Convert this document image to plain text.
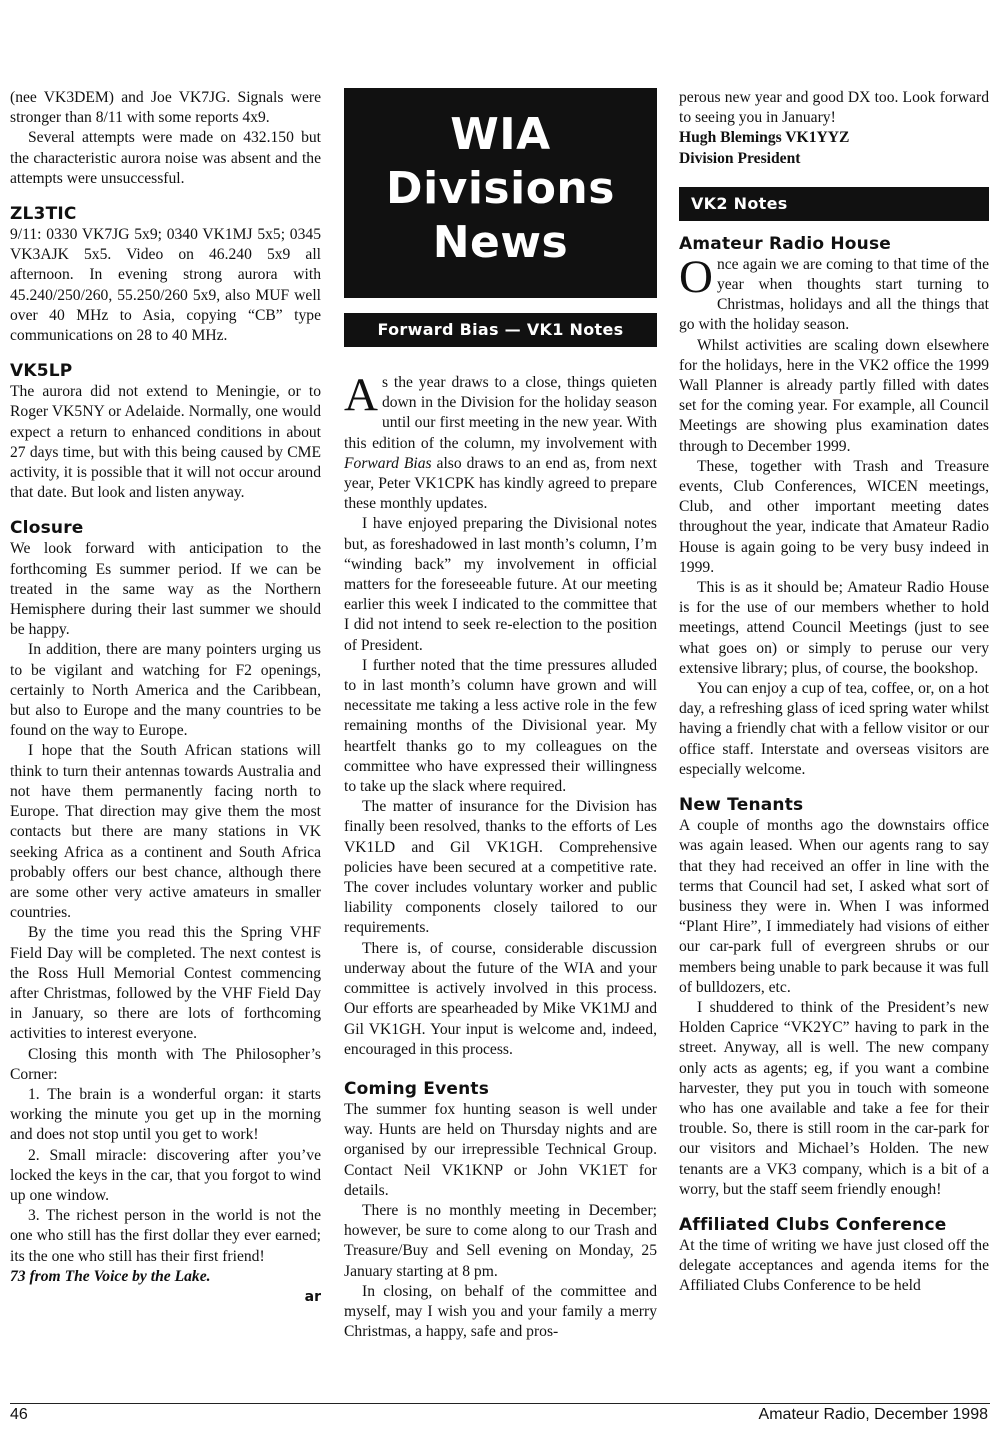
(nee VK3DEM) and Joe VK7JG. Signals were stronger than 8/11 with some reports 4x9.

Several attempts were made on 432.150 but the characteristic aurora noise was absent and the attempts were unsuccessful.

ZL3TIC

9/11: 0330 VK7JG 5x9; 0340 VK1MJ 5x5; 0345 VK3AJK 5x5. Video on 46.240 5x9 all afternoon. In evening strong aurora with 45.240/250/260, 55.250/260 5x9, also MUF well over 40 MHz to Asia, copying “CB” type communications on 28 to 40 MHz.

VK5LP

The aurora did not extend to Meningie, or to Roger VK5NY or Adelaide. Normally, one would expect a return to enhanced conditions in about 27 days time, but with this being caused by CME activity, it is possible that it will not occur around that date. But look and listen anyway.

Closure

We look forward with anticipation to the forthcoming Es summer period. If we can be treated in the same way as the Northern Hemisphere during their last summer we should be happy.

In addition, there are many pointers urging us to be vigilant and watching for F2 openings, certainly to North America and the Caribbean, but also to Europe and the many countries to be found on the way to Europe.

I hope that the South African stations will think to turn their antennas towards Australia and not have them permanently facing north to Europe. That direction may give them the most contacts but there are many stations in VK seeking Africa as a continent and South Africa probably offers our best chance, although there are some other very active amateurs in smaller countries.

By the time you read this the Spring VHF Field Day will be completed. The next contest is the Ross Hull Memorial Contest commencing after Christmas, followed by the VHF Field Day in January, so there are lots of forthcoming activities to interest everyone.

Closing this month with The Philosopher’s Corner:

1. The brain is a wonderful organ: it starts working the minute you get up in the morning and does not stop until you get to work!

2. Small miracle: discovering after you’ve locked the keys in the car, that you forgot to wind up one window.

3. The richest person in the world is not the one who still has the first dollar they ever earned; its the one who still has their first friend!

73 from The Voice by the Lake.

ar

WIA
Divisions
News
Forward Bias — VK1 Notes

As the year draws to a close, things quieten down in the Division for the holiday season until our first meeting in the new year. With this edition of the column, my involvement with Forward Bias also draws to an end as, from next year, Peter VK1CPK has kindly agreed to prepare these monthly updates.

I have enjoyed preparing the Divisional notes but, as foreshadowed in last month’s column, I’m “winding back” my involvement in official matters for the foreseeable future. At our meeting earlier this week I indicated to the committee that I did not intend to seek re-election to the position of President.

I further noted that the time pressures alluded to in last month’s column have grown and will necessitate me taking a less active role in the few remaining months of the Divisional year. My heartfelt thanks go to my colleagues on the committee who have expressed their willingness to take up the slack where required.

The matter of insurance for the Division has finally been resolved, thanks to the efforts of Les VK1LD and Gil VK1GH. Comprehensive policies have been secured at a competitive rate. The cover includes voluntary worker and public liability components closely tailored to our requirements.

There is, of course, considerable discussion underway about the future of the WIA and your committee is actively involved in this process. Our efforts are spearheaded by Mike VK1MJ and Gil VK1GH. Your input is welcome and, indeed, encouraged in this process.

Coming Events

The summer fox hunting season is well under way. Hunts are held on Thursday nights and are organised by our irrepressible Technical Group. Contact Neil VK1KNP or John VK1ET for details.

There is no monthly meeting in December; however, be sure to come along to our Trash and Treasure/Buy and Sell evening on Monday, 25 January starting at 8 pm.

In closing, on behalf of the committee and myself, may I wish you and your family a merry Christmas, a happy, safe and pros-

perous new year and good DX too. Look forward to seeing you in January!

Hugh Blemings VK1YYZ

Division President

VK2 Notes
Amateur Radio House

Once again we are coming to that time of the year when thoughts start turning to Christmas, holidays and all the things that go with the holiday season.

Whilst activities are scaling down elsewhere for the holidays, here in the VK2 office the 1999 Wall Planner is already partly filled with dates set for the coming year. For example, all Council Meetings are showing plus examination dates through to December 1999.

These, together with Trash and Treasure events, Club Conferences, WICEN meetings, Club, and other important meeting dates throughout the year, indicate that Amateur Radio House is again going to be very busy indeed in 1999.

This is as it should be; Amateur Radio House is for the use of our members whether to hold meetings, attend Council Meetings (just to see what goes on) or simply to peruse our very extensive library; plus, of course, the bookshop.

You can enjoy a cup of tea, coffee, or, on a hot day, a refreshing glass of iced spring water whilst having a friendly chat with a fellow visitor or our office staff. Interstate and overseas visitors are especially welcome.

New Tenants

A couple of months ago the downstairs office was again leased. When our agents rang to say that they had received an offer in line with the terms that Council had set, I asked what sort of business they were in. When I was informed “Plant Hire”, I immediately had visions of either our car-park full of evergreen shrubs or our members being unable to park because it was full of bulldozers, etc.

I shuddered to think of the President’s new Holden Caprice “VK2YC” having to park in the street. Anyway, all is well. The new company only acts as agents; eg, if you want a combine harvester, they put you in touch with someone who has one available and take a fee for their trouble. So, there is still room in the car-park for our visitors and Michael’s Holden. The new tenants are a VK3 company, which is a bit of a worry, but the staff seem friendly enough!

Affiliated Clubs Conference

At the time of writing we have just closed off the delegate acceptances and agenda items for the Affiliated Clubs Conference to be held

46	Amateur Radio, December 1998
